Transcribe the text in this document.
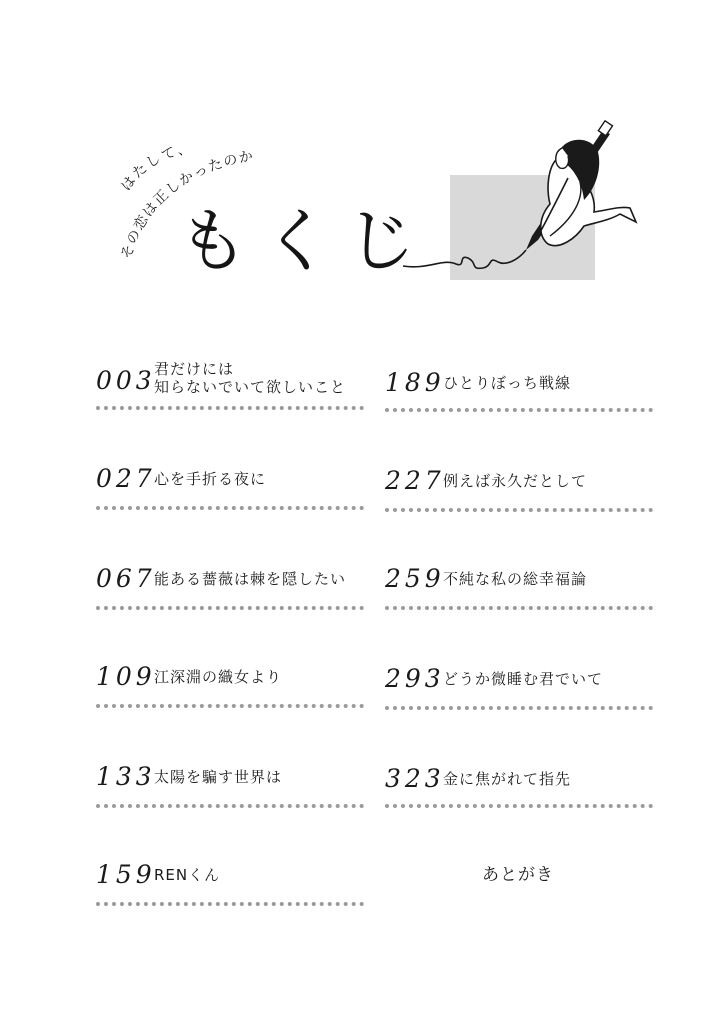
はたして、
その恋は正しかったのか
もくじ
003
君だけには
知らないでいて欲しいこと
027
心を手折る夜に
067
能ある薔薇は棘を隠したい
109
江深淵の織女より
133
太陽を騙す世界は
159
RENくん
189
ひとりぼっち戦線
227
例えば永久だとして
259
不純な私の総幸福論
293
どうか微睡む君でいて
323
金に焦がれて指先
あとがき
